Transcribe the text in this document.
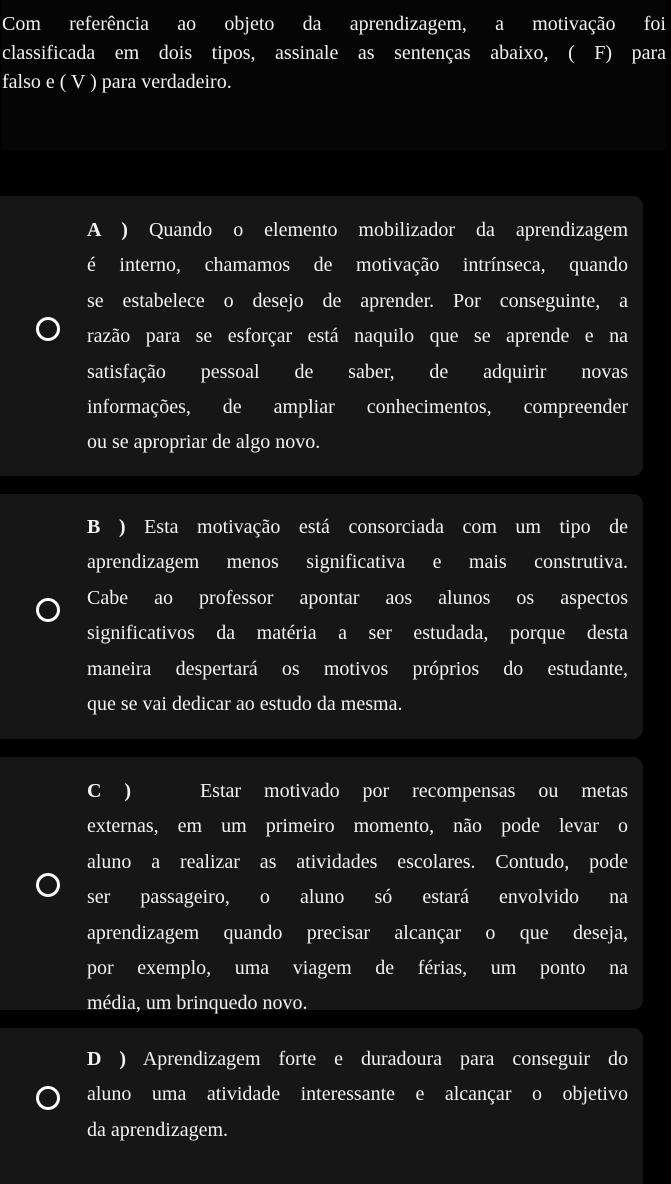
Com referência ao objeto da aprendizagem, a motivação foi
classificada em dois tipos, assinale as sentenças abaixo, ( F) para
falso e ( V ) para verdadeiro.
A ) Quando o elemento mobilizador da aprendizagem
é interno, chamamos de motivação intrínseca, quando
se estabelece o desejo de aprender. Por conseguinte, a
razão para se esforçar está naquilo que se aprende e na
satisfação pessoal de saber, de adquirir novas
informações, de ampliar conhecimentos, compreender
ou se apropriar de algo novo.
B ) Esta motivação está consorciada com um tipo de
aprendizagem menos significativa e mais construtiva.
Cabe ao professor apontar aos alunos os aspectos
significativos da matéria a ser estudada, porque desta
maneira despertará os motivos próprios do estudante,
que se vai dedicar ao estudo da mesma.
C )	Estar motivado por recompensas ou metas
externas, em um primeiro momento, não pode levar o
aluno a realizar as atividades escolares. Contudo, pode
ser passageiro, o aluno só estará envolvido na
aprendizagem quando precisar alcançar o que deseja,
por exemplo, uma viagem de férias, um ponto na
média, um brinquedo novo.
D ) Aprendizagem forte e duradoura para conseguir do
aluno uma atividade interessante e alcançar o objetivo
da aprendizagem.
